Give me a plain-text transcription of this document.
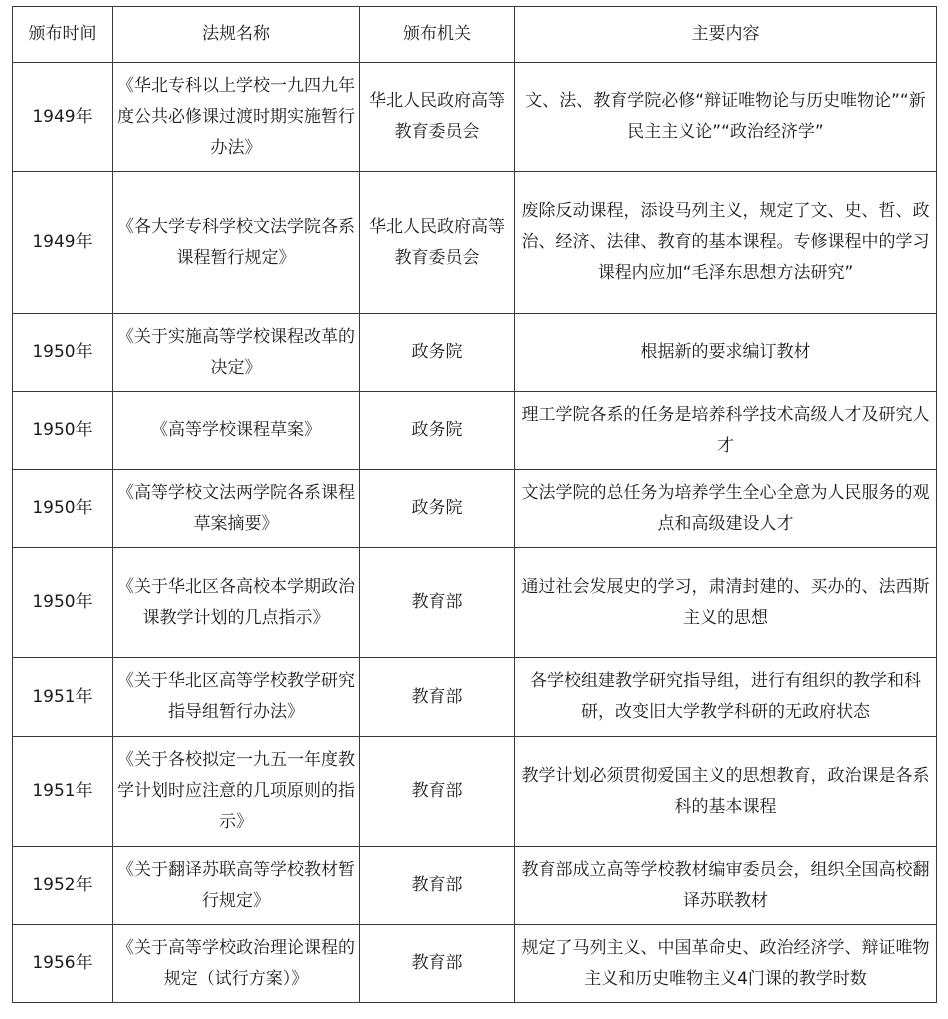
颁布时间	法规名称	颁布机关	主要内容
1949年	《华北专科以上学校一九四九年度公共必修课过渡时期实施暂行办法》	华北人民政府高等教育委员会	文、法、教育学院必修“辩证唯物论与历史唯物论”“新民主主义论”“政治经济学”
1949年	《各大学专科学校文法学院各系课程暂行规定》	华北人民政府高等教育委员会	废除反动课程，添设马列主义，规定了文、史、哲、政治、经济、法律、教育的基本课程。专修课程中的学习课程内应加“毛泽东思想方法研究”
1950年	《关于实施高等学校课程改革的决定》	政务院	根据新的要求编订教材
1950年	《高等学校课程草案》	政务院	理工学院各系的任务是培养科学技术高级人才及研究人才
1950年	《高等学校文法两学院各系课程草案摘要》	政务院	文法学院的总任务为培养学生全心全意为人民服务的观点和高级建设人才
1950年	《关于华北区各高校本学期政治课教学计划的几点指示》	教育部	通过社会发展史的学习，肃清封建的、买办的、法西斯主义的思想
1951年	《关于华北区高等学校教学研究指导组暂行办法》	教育部	各学校组建教学研究指导组，进行有组织的教学和科研，改变旧大学教学科研的无政府状态
1951年	《关于各校拟定一九五一年度教学计划时应注意的几项原则的指示》	教育部	教学计划必须贯彻爱国主义的思想教育，政治课是各系科的基本课程
1952年	《关于翻译苏联高等学校教材暂行规定》	教育部	教育部成立高等学校教材编审委员会，组织全国高校翻译苏联教材
1956年	《关于高等学校政治理论课程的规定（试行方案）》	教育部	规定了马列主义、中国革命史、政治经济学、辩证唯物主义和历史唯物主义4门课的教学时数
